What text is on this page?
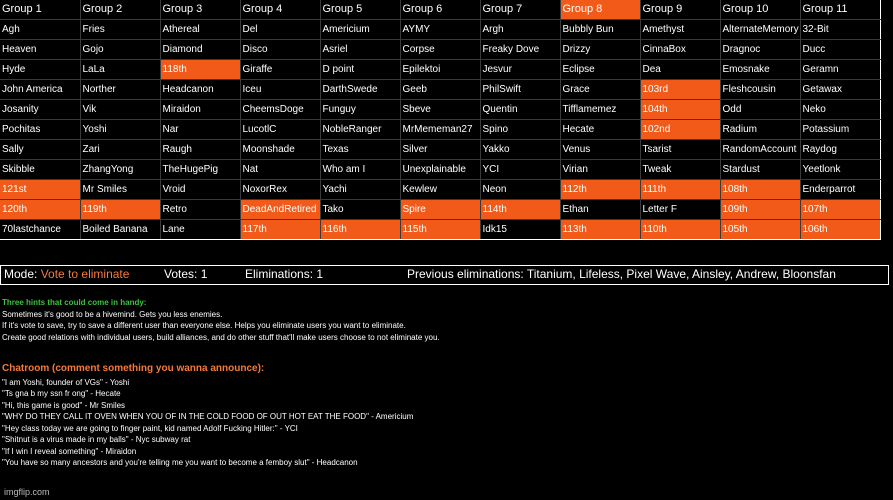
Group 1	Group 2	Group 3	Group 4	Group 5	Group 6	Group 7	Group 8	Group 9	Group 10	Group 11
Agh	Fries	Athereal	Del	Americium	AYMY	Argh	Bubbly Bun	Amethyst	AlternateMemory	32-Bit
Heaven	Gojo	Diamond	Disco	Asriel	Corpse	Freaky Dove	Drizzy	CinnaBox	Dragnoc	Ducc
Hyde	LaLa	118th	Giraffe	D point	Epilektoi	Jesvur	Eclipse	Dea	Emosnake	Geramn
John America	Norther	Headcanon	Iceu	DarthSwede	Geeb	PhilSwift	Grace	103rd	Fleshcousin	Getawax
Josanity	Vik	Miraidon	CheemsDoge	Funguy	Sbeve	Quentin	Tifflamemez	104th	Odd	Neko
Pochitas	Yoshi	Nar	LucotlC	NobleRanger	MrMememan27	Spino	Hecate	102nd	Radium	Potassium
Sally	Zari	Raugh	Moonshade	Texas	Silver	Yakko	Venus	Tsarist	RandomAccount	Raydog
Skibble	ZhangYong	TheHugePig	Nat	Who am I	Unexplainable	YCI	Virian	Tweak	Stardust	Yeetlonk
121st	Mr Smiles	Vroid	NoxorRex	Yachi	Kewlew	Neon	112th	111th	108th	Enderparrot
120th	119th	Retro	DeadAndRetired	Tako	Spire	114th	Ethan	Letter F	109th	107th
70lastchance	Boiled Banana	Lane	117th	116th	115th	Idk15	113th	110th	105th	106th
Mode: Vote to eliminate	Votes: 1	Eliminations: 1	Previous eliminations: Titanium, Lifeless, Pixel Wave, Ainsley, Andrew, Bloonsfan
Three hints that could come in handy:
Sometimes it's good to be a hivemind. Gets you less enemies.
If it's vote to save, try to save a different user than everyone else. Helps you eliminate users you want to eliminate.
Create good relations with individual users, build alliances, and do other stuff that'll make users choose to not eliminate you.
Chatroom (comment something you wanna announce):
"I am Yoshi, founder of VGs" - Yoshi
"Ts gna b my ssn fr ong" - Hecate
"Hi, this game is good" - Mr Smiles
"WHY DO THEY CALL IT OVEN WHEN YOU OF IN THE COLD FOOD OF OUT HOT EAT THE FOOD" - Americium
"Hey class today we are going to finger paint, kid named Adolf Fucking Hitler:" - YCI
"Shitnut is a virus made in my balls" - Nyc subway rat
"If I win I reveal something" - Miraidon
"You have so many ancestors and you're telling me you want to become a femboy slut" - Headcanon
imgflip.com
